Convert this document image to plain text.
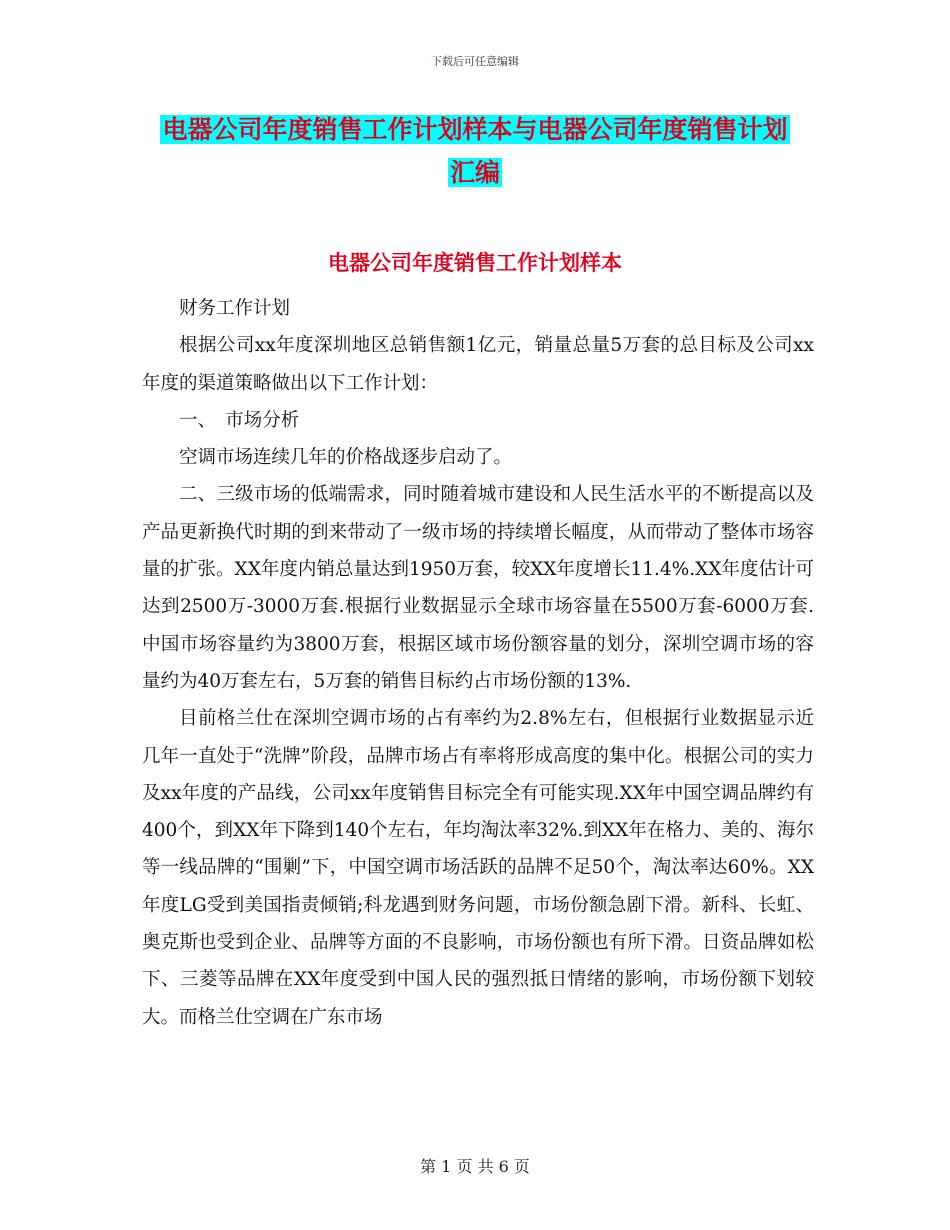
下载后可任意编辑
电器公司年度销售工作计划样本与电器公司年度销售计划汇编
电器公司年度销售工作计划样本

财务工作计划

根据公司xx年度深圳地区总销售额1亿元，销量总量5万套的总目标及公司xx年度的渠道策略做出以下工作计划：

一、　市场分析

空调市场连续几年的价格战逐步启动了。

二、三级市场的低端需求，同时随着城市建设和人民生活水平的不断提高以及产品更新换代时期的到来带动了一级市场的持续增长幅度，从而带动了整体市场容量的扩张。XX年度内销总量达到1950万套，较XX年度增长11.4%.XX年度估计可达到2500万-3000万套.根据行业数据显示全球市场容量在5500万套-6000万套.中国市场容量约为3800万套，根据区域市场份额容量的划分，深圳空调市场的容量约为40万套左右，5万套的销售目标约占市场份额的13%.

目前格兰仕在深圳空调市场的占有率约为2.8%左右，但根据行业数据显示近几年一直处于“洗牌”阶段，品牌市场占有率将形成高度的集中化。根据公司的实力及xx年度的产品线，公司xx年度销售目标完全有可能实现.XX年中国空调品牌约有400个，到XX年下降到140个左右，年均淘汰率32%.到XX年在格力、美的、海尔等一线品牌的“围剿”下，中国空调市场活跃的品牌不足50个，淘汰率达60%。XX年度LG受到美国指责倾销;科龙遇到财务问题，市场份额急剧下滑。新科、长虹、奥克斯也受到企业、品牌等方面的不良影响，市场份额也有所下滑。日资品牌如松下、三菱等品牌在XX年度受到中国人民的强烈抵日情绪的影响，市场份额下划较大。而格兰仕空调在广东市场

第 1 页 共 6 页
